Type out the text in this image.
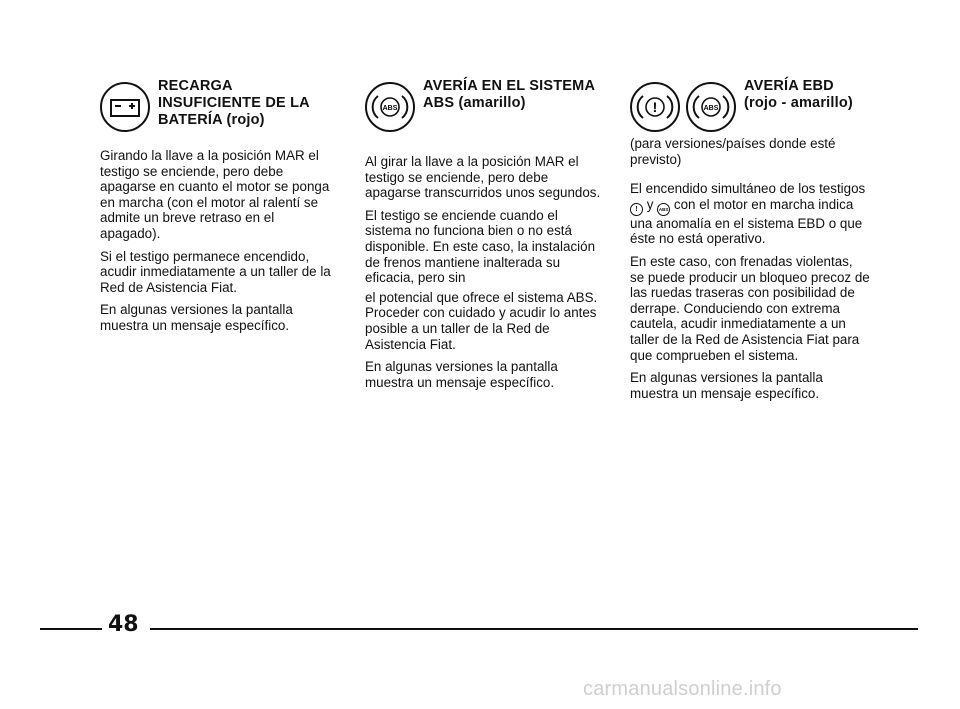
RECARGA INSUFICIENTE DE LA BATERÍA (rojo)

Girando la llave a la posición MAR el testigo se enciende, pero debe apagarse en cuanto el motor se ponga en marcha (con el motor al ralentí se admite un breve retraso en el apagado).

Si el testigo permanece encendido, acudir inmediatamente a un taller de la Red de Asistencia Fiat.

En algunas versiones la pantalla muestra un mensaje específico.

ABS
AVERÍA EN EL SISTEMA ABS (amarillo)

Al girar la llave a la posición MAR el testigo se enciende, pero debe apagarse transcurridos unos segundos.

El testigo se enciende cuando el sistema no funciona bien o no está disponible. En este caso, la instalación de frenos mantiene inalterada su eficacia, pero sin

el potencial que ofrece el sistema ABS. Proceder con cuidado y acudir lo antes posible a un taller de la Red de Asistencia Fiat.

En algunas versiones la pantalla muestra un mensaje específico.

!	ABS
AVERÍA EBD (rojo - amarillo)

(para versiones/países donde esté previsto)

El encendido simultáneo de los testigos ! y ABS con el motor en marcha indica una anomalía en el sistema EBD o que éste no está operativo.

En este caso, con frenadas violentas, se puede producir un bloqueo precoz de las ruedas traseras con posibilidad de derrape. Conduciendo con extrema cautela, acudir inmediatamente a un taller de la Red de Asistencia Fiat para que comprueben el sistema.

En algunas versiones la pantalla muestra un mensaje específico.

48
carmanualsonline.info
